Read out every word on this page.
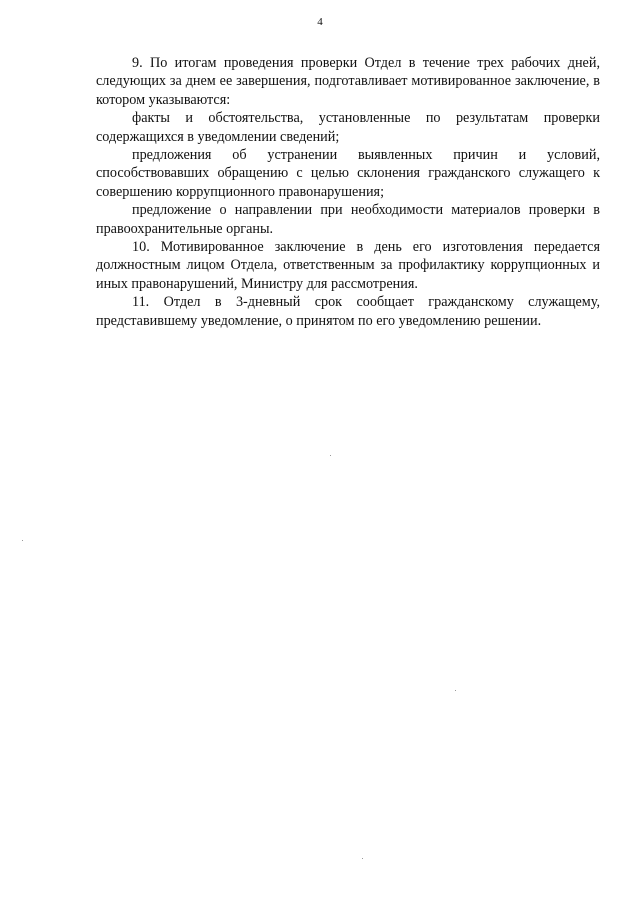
4

9. По итогам проведения проверки Отдел в течение трех рабочих дней, следующих за днем ее завершения, подготавливает мотивированное заключение, в котором указываются:

факты и обстоятельства, установленные по результатам проверки содержащихся в уведомлении сведений;

предложения об устранении выявленных причин и условий, способствовавших обращению с целью склонения гражданского служащего к совершению коррупционного правонарушения;

предложение о направлении при необходимости материалов проверки в правоохранительные органы.

10. Мотивированное заключение в день его изготовления передается должностным лицом Отдела, ответственным за профилактику коррупционных и иных правонарушений, Министру для рассмотрения.

11. Отдел в 3-дневный срок сообщает гражданскому служащему, представившему уведомление, о принятом по его уведомлению решении.
